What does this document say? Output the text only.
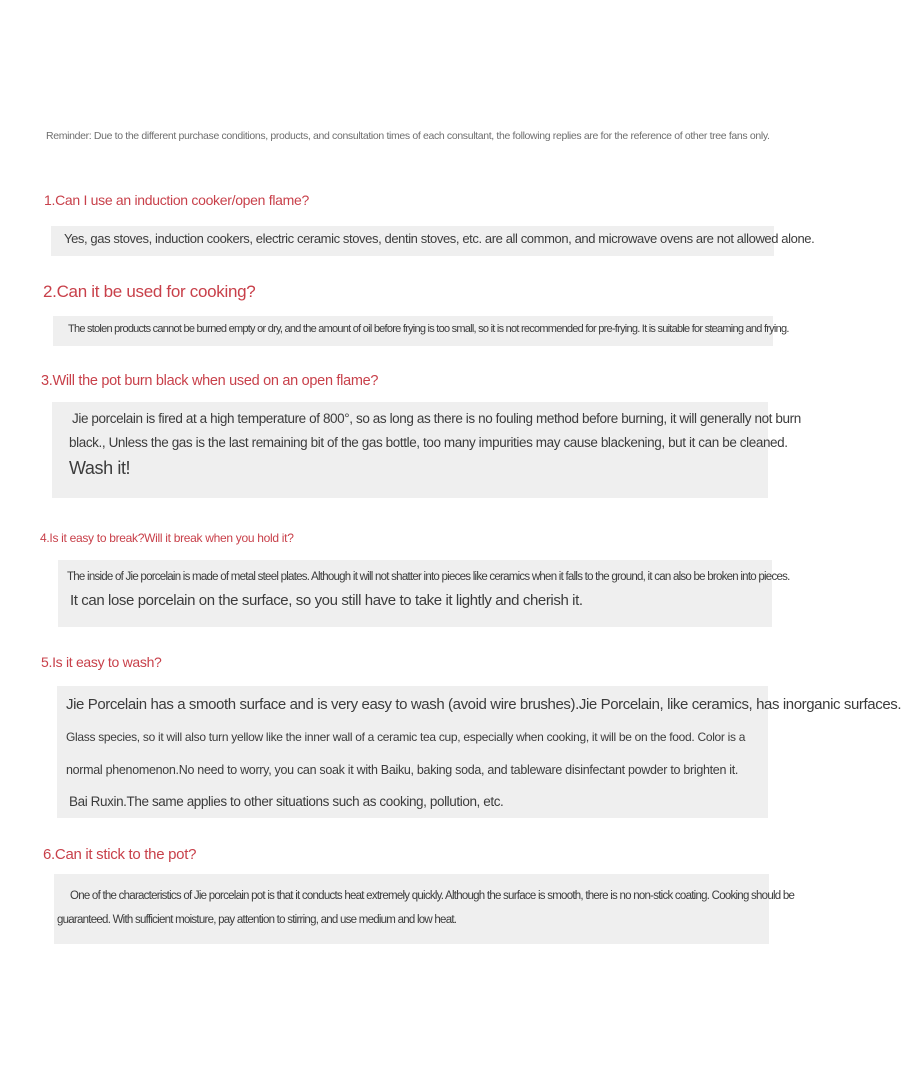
Reminder: Due to the different purchase conditions, products, and consultation times of each consultant, the following replies are for the reference of other tree fans only.
1.Can I use an induction cooker/open flame?

Yes, gas stoves, induction cookers, electric ceramic stoves, dentin stoves, etc. are all common, and microwave ovens are not allowed alone.

2.Can it be used for cooking?

The stolen products cannot be burned empty or dry, and the amount of oil before frying is too small, so it is not recommended for pre-frying. It is suitable for steaming and frying.

3.Will the pot burn black when used on an open flame?

Jie porcelain is fired at a high temperature of 800°, so as long as there is no fouling method before burning, it will generally not burn

black., Unless the gas is the last remaining bit of the gas bottle, too many impurities may cause blackening, but it can be cleaned.

Wash it!

4.Is it easy to break?Will it break when you hold it?

The inside of Jie porcelain is made of metal steel plates. Although it will not shatter into pieces like ceramics when it falls to the ground, it can also be broken into pieces.

It can lose porcelain on the surface, so you still have to take it lightly and cherish it.

5.Is it easy to wash?

Jie Porcelain has a smooth surface and is very easy to wash (avoid wire brushes).Jie Porcelain, like ceramics, has inorganic surfaces.

Glass species, so it will also turn yellow like the inner wall of a ceramic tea cup, especially when cooking, it will be on the food. Color is a

normal phenomenon.No need to worry, you can soak it with Baiku, baking soda, and tableware disinfectant powder to brighten it.

Bai Ruxin.The same applies to other situations such as cooking, pollution, etc.

6.Can it stick to the pot?

One of the characteristics of Jie porcelain pot is that it conducts heat extremely quickly. Although the surface is smooth, there is no non-stick coating. Cooking should be

guaranteed. With sufficient moisture, pay attention to stirring, and use medium and low heat.
